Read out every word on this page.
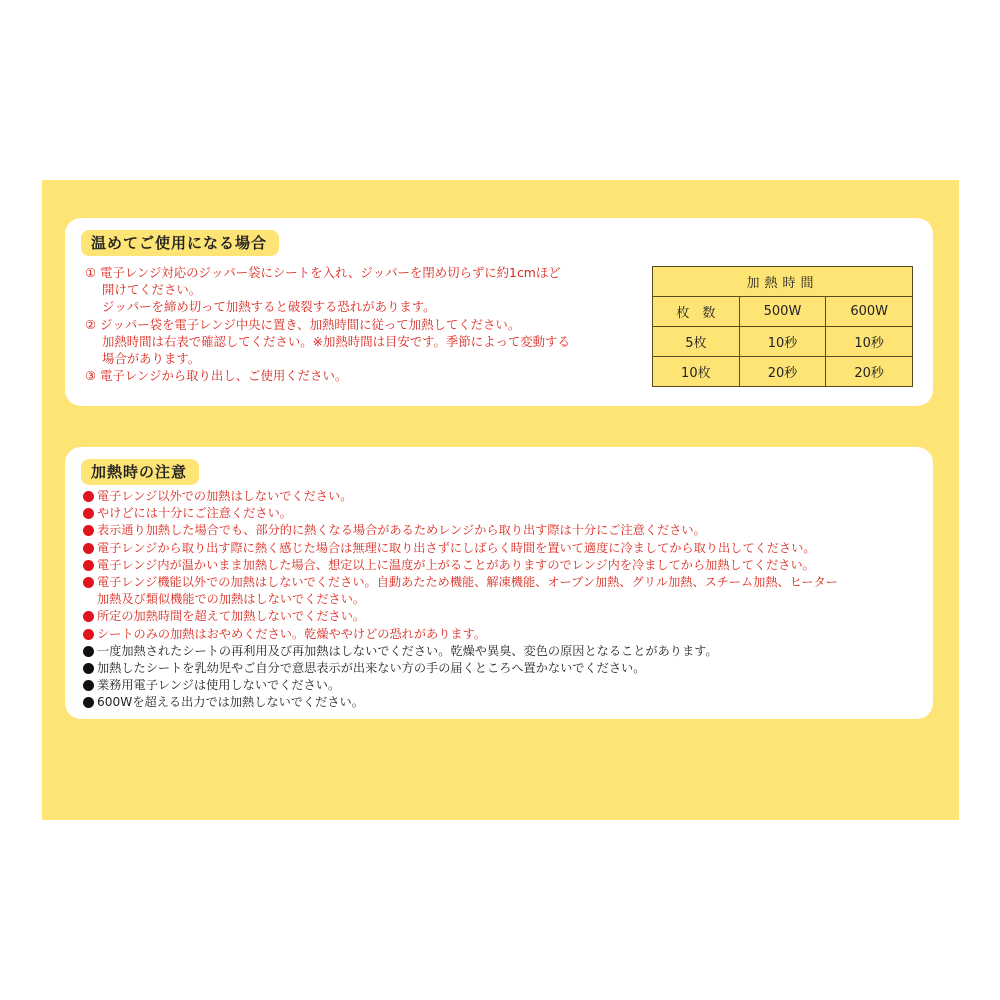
温めてご使用になる場合
① 電子レンジ対応のジッパー袋にシートを入れ、ジッパーを閉め切らずに約1cmほど
開けてください。
ジッパーを締め切って加熱すると破裂する恐れがあります。
② ジッパー袋を電子レンジ中央に置き、加熱時間に従って加熱してください。
加熱時間は右表で確認してください。※加熱時間は目安です。季節によって変動する
場合があります。
③ 電子レンジから取り出し、ご使用ください。
加熱時間		
枚　数	500W	600W
5枚	10秒	10秒
10枚	20秒	20秒
加熱時の注意
電子レンジ以外での加熱はしないでください。
やけどには十分にご注意ください。
表示通り加熱した場合でも、部分的に熱くなる場合があるためレンジから取り出す際は十分にご注意ください。
電子レンジから取り出す際に熱く感じた場合は無理に取り出さずにしばらく時間を置いて適度に冷ましてから取り出してください。
電子レンジ内が温かいまま加熱した場合、想定以上に温度が上がることがありますのでレンジ内を冷ましてから加熱してください。
電子レンジ機能以外での加熱はしないでください。自動あたため機能、解凍機能、オーブン加熱、グリル加熱、スチーム加熱、ヒーター
加熱及び類似機能での加熱はしないでください。
所定の加熱時間を超えて加熱しないでください。
シートのみの加熱はおやめください。乾燥ややけどの恐れがあります。
一度加熱されたシートの再利用及び再加熱はしないでください。乾燥や異臭、変色の原因となることがあります。
加熱したシートを乳幼児やご自分で意思表示が出来ない方の手の届くところへ置かないでください。
業務用電子レンジは使用しないでください。
600Wを超える出力では加熱しないでください。
